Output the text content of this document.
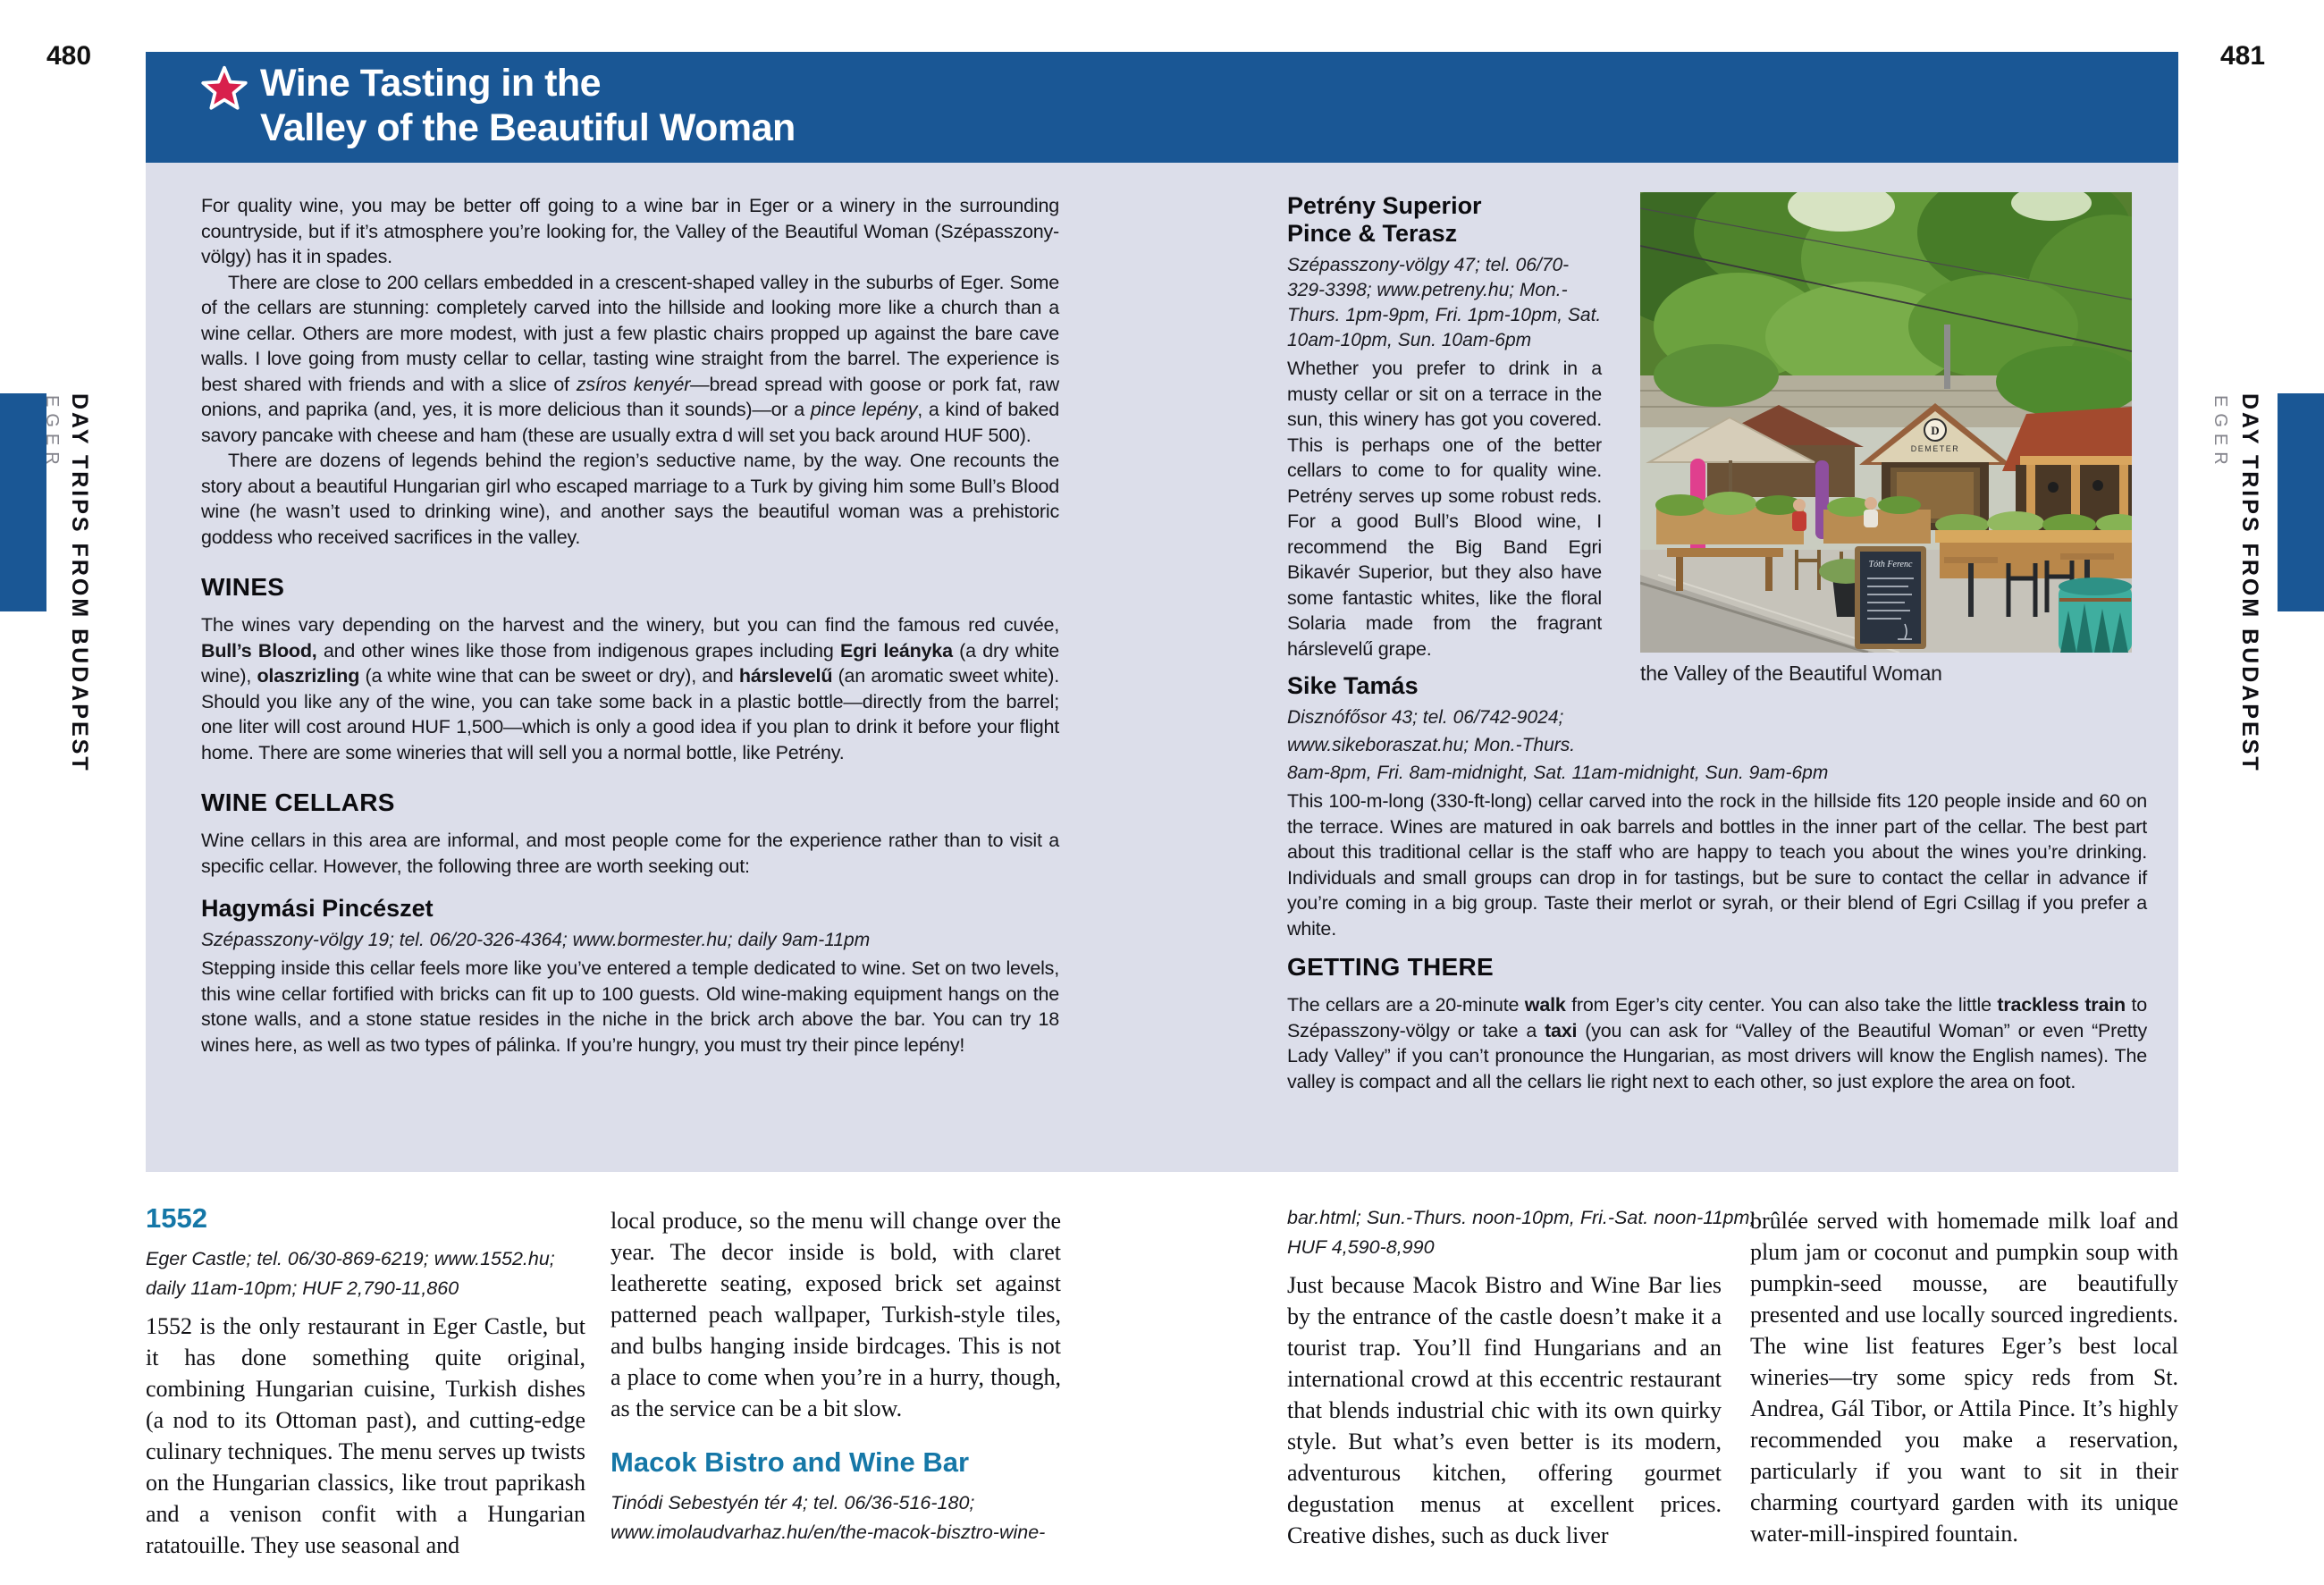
480	481
Wine Tasting in the
Valley of the Beautiful Woman
EGER DAY TRIPS FROM BUDAPEST	EGER DAY TRIPS FROM BUDAPEST

For quality wine, you may be better off going to a wine bar in Eger or a winery in the surrounding countryside, but if it’s atmosphere you’re looking for, the Valley of the Beautiful Woman (Szépasszony-völgy) has it in spades.

There are close to 200 cellars embedded in a crescent-shaped valley in the suburbs of Eger. Some of the cellars are stunning: completely carved into the hillside and looking more like a church than a wine cellar. Others are more modest, with just a few plastic chairs propped up against the bare cave walls. I love going from musty cellar to cellar, tasting wine straight from the barrel. The experience is best shared with friends and with a slice of zsíros kenyér—bread spread with goose or pork fat, raw onions, and paprika (and, yes, it is more delicious than it sounds)—or a pince lepény, a kind of baked savory pancake with cheese and ham (these are usually extra d will set you back around HUF 500).

There are dozens of legends behind the region’s seductive name, by the way. One recounts the story about a beautiful Hungarian girl who escaped marriage to a Turk by giving him some Bull’s Blood wine (he wasn’t used to drinking wine), and another says the beautiful woman was a prehistoric goddess who received sacrifices in the valley.

WINES

The wines vary depending on the harvest and the winery, but you can find the famous red cuvée, Bull’s Blood, and other wines like those from indigenous grapes including Egri leányka (a dry white wine), olaszrizling (a white wine that can be sweet or dry), and hárslevelű (an aromatic sweet white). Should you like any of the wine, you can take some back in a plastic bottle—directly from the barrel; one liter will cost around HUF 1,500—which is only a good idea if you plan to drink it before your flight home. There are some wineries that will sell you a normal bottle, like Petrény.

WINE CELLARS

Wine cellars in this area are informal, and most people come for the experience rather than to visit a specific cellar. However, the following three are worth seeking out:

Hagymási Pincészet
Szépasszony-völgy 19; tel. 06/20-326-4364; www.bormester.hu; daily 9am-11pm

Stepping inside this cellar feels more like you’ve entered a temple dedicated to wine. Set on two levels, this wine cellar fortified with bricks can fit up to 100 guests. Old wine-making equipment hangs on the stone walls, and a stone statue resides in the niche in the brick arch above the bar. You can try 18 wines here, as well as two types of pálinka. If you’re hungry, you must try their pince lepény!

Petrény Superior
Pince & Terasz
Szépasszony-völgy 47; tel. 06/70-329-3398; www.petreny.hu; Mon.-Thurs. 1pm-9pm, Fri. 1pm-10pm, Sat. 10am-10pm, Sun. 10am-6pm

Whether you prefer to drink in a musty cellar or sit on a terrace in the sun, this winery has got you covered. This is perhaps one of the better cellars to come to for quality wine. Petrény serves up some robust reds. For a good Bull’s Blood wine, I recommend the Big Band Egri Bikavér Superior, but they also have some fantastic whites, like the floral Solaria made from the fragrant hárslevelű grape.

D
DEMETER
Tóth Ferenc
the Valley of the Beautiful Woman
Sike Tamás
Disznófősor 43; tel. 06/742-9024;
www.sikeboraszat.hu; Mon.-Thurs.
8am-8pm, Fri. 8am-midnight, Sat. 11am-midnight, Sun. 9am-6pm

This 100-m-long (330-ft-long) cellar carved into the rock in the hillside fits 120 people inside and 60 on the terrace. Wines are matured in oak barrels and bottles in the inner part of the cellar. The best part about this traditional cellar is the staff who are happy to teach you about the wines you’re drinking. Individuals and small groups can drop in for tastings, but be sure to contact the cellar in advance if you’re coming in a big group. Taste their merlot or syrah, or their blend of Egri Csillag if you prefer a white.

GETTING THERE

The cellars are a 20-minute walk from Eger’s city center. You can also take the little trackless train to Szépasszony-völgy or take a taxi (you can ask for “Valley of the Beautiful Woman” or even “Pretty Lady Valley” if you can’t pronounce the Hungarian, as most drivers will know the English names). The valley is compact and all the cellars lie right next to each other, so just explore the area on foot.

1552
Eger Castle; tel. 06/30-869-6219; www.1552.hu;
daily 11am-10pm; HUF 2,790-11,860

1552 is the only restaurant in Eger Castle, but it has done something quite original, combining Hungarian cuisine, Turkish dishes (a nod to its Ottoman past), and cutting-edge culinary techniques. The menu serves up twists on the Hungarian classics, like trout paprikash and a venison confit with a Hungarian ratatouille. They use seasonal and

local produce, so the menu will change over the year. The decor inside is bold, with claret leatherette seating, exposed brick set against patterned peach wallpaper, Turkish-style tiles, and bulbs hanging inside birdcages. This is not a place to come when you’re in a hurry, though, as the service can be a bit slow.

Macok Bistro and Wine Bar
Tinódi Sebestyén tér 4; tel. 06/36-516-180;
www.imolaudvarhaz.hu/en/the-macok-bisztro-wine-
bar.html; Sun.-Thurs. noon-10pm, Fri.-Sat. noon-11pm;
HUF 4,590-8,990

Just because Macok Bistro and Wine Bar lies by the entrance of the castle doesn’t make it a tourist trap. You’ll find Hungarians and an international crowd at this eccentric restaurant that blends industrial chic with its own quirky style. But what’s even better is its modern, adventurous kitchen, offering gourmet degustation menus at excellent prices. Creative dishes, such as duck liver

brûlée served with homemade milk loaf and plum jam or coconut and pumpkin soup with pumpkin-seed mousse, are beautifully presented and use locally sourced ingredients. The wine list features Eger’s best local wineries—try some spicy reds from St. Andrea, Gál Tibor, or Attila Pince. It’s highly recommended you make a reservation, particularly if you want to sit in their charming courtyard garden with its unique water-mill-inspired fountain.
